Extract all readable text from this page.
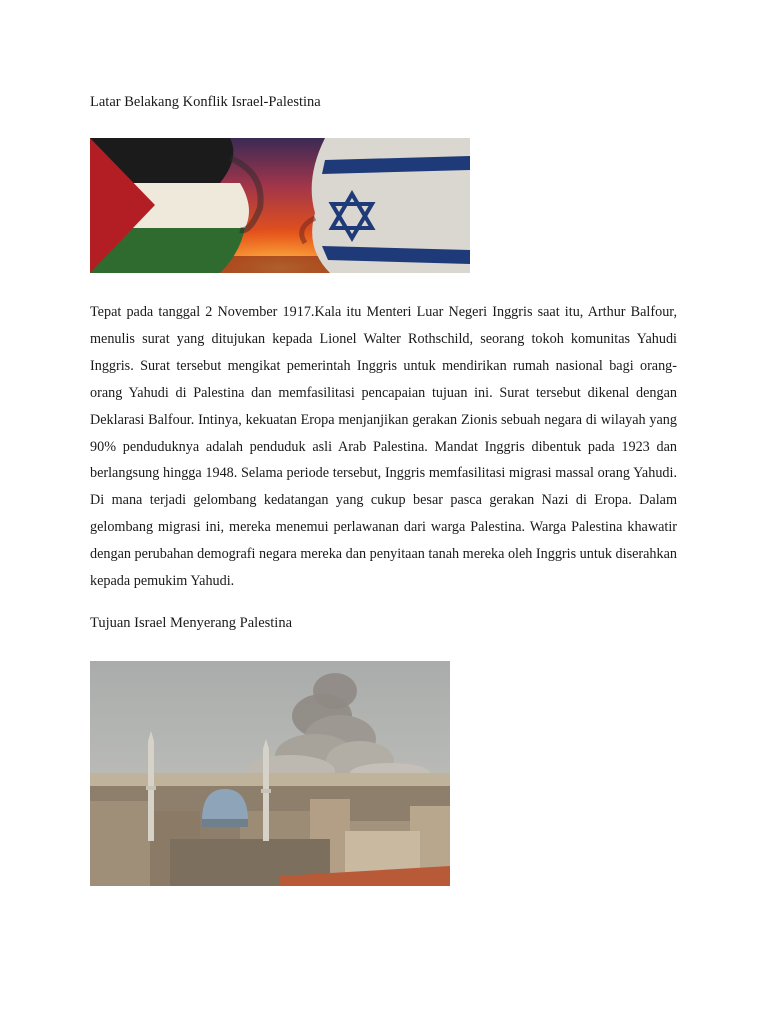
Latar Belakang Konflik Israel-Palestina

Tepat pada tanggal 2 November 1917.Kala itu Menteri Luar Negeri Inggris saat itu, Arthur Balfour, menulis surat yang ditujukan kepada Lionel Walter Rothschild, seorang tokoh komunitas Yahudi Inggris. Surat tersebut mengikat pemerintah Inggris untuk mendirikan rumah nasional bagi orang-orang Yahudi di Palestina dan memfasilitasi pencapaian tujuan ini. Surat tersebut dikenal dengan Deklarasi Balfour. Intinya, kekuatan Eropa menjanjikan gerakan Zionis sebuah negara di wilayah yang 90% penduduknya adalah penduduk asli Arab Palestina. Mandat Inggris dibentuk pada 1923 dan berlangsung hingga 1948. Selama periode tersebut, Inggris memfasilitasi migrasi massal orang Yahudi. Di mana terjadi gelombang kedatangan yang cukup besar pasca gerakan Nazi di Eropa. Dalam gelombang migrasi ini, mereka menemui perlawanan dari warga Palestina. Warga Palestina khawatir dengan perubahan demografi negara mereka dan penyitaan tanah mereka oleh Inggris untuk diserahkan kepada pemukim Yahudi.

Tujuan Israel Menyerang Palestina
